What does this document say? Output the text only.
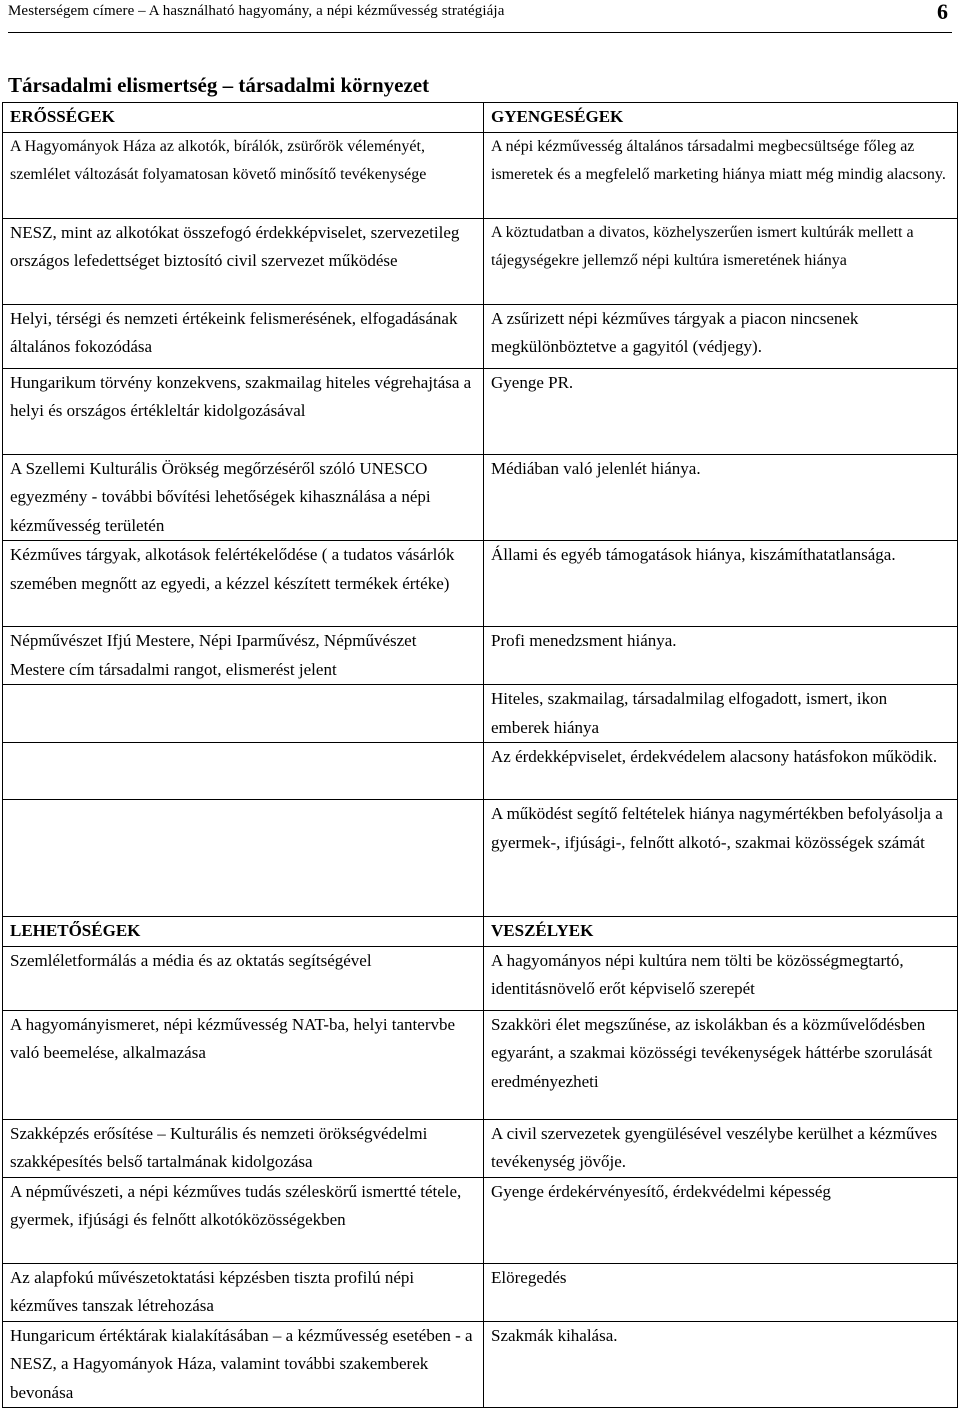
Mesterségem címere – A használható hagyomány, a népi kézművesség stratégiája	6
Társadalmi elismertség – társadalmi környezet
ERŐSSÉGEK	GYENGESÉGEK
A Hagyományok Háza az alkotók, bírálók, zsürőrök véleményét, szemlélet változását folyamatosan követő minősítő tevékenysége	A népi kézművesség általános társadalmi megbecsültsége főleg az ismeretek és a megfelelő marketing hiánya miatt még mindig alacsony.
NESZ, mint az alkotókat összefogó érdekképviselet, szervezetileg országos lefedettséget biztosító civil szervezet működése	A köztudatban a divatos, közhelyszerűen ismert kultúrák mellett a tájegységekre jellemző népi kultúra ismeretének hiánya
Helyi, térségi és nemzeti értékeink felismerésének, elfogadásának általános fokozódása	A zsűrizett népi kézműves tárgyak a piacon nincsenek megkülönböztetve a gagyitól (védjegy).
Hungarikum törvény konzekvens, szakmailag hiteles végrehajtása a helyi és országos értékleltár kidolgozásával	Gyenge PR.
A Szellemi Kulturális Örökség megőrzéséről szóló UNESCO egyezmény - további bővítési lehetőségek kihasználása a népi kézművesség területén	Médiában való jelenlét hiánya.
Kézműves tárgyak, alkotások felértékelődése ( a tudatos vásárlók szemében megnőtt az egyedi, a kézzel készített termékek értéke)	Állami és egyéb támogatások hiánya, kiszámíthatatlansága.
Népművészet Ifjú Mestere, Népi Iparművész, Népművészet Mestere cím társadalmi rangot, elismerést jelent	Profi menedzsment hiánya.
	Hiteles, szakmailag, társadalmilag elfogadott, ismert, ikon emberek hiánya
	Az érdekképviselet, érdekvédelem alacsony hatásfokon működik.
	A működést segítő feltételek hiánya nagymértékben befolyásolja a gyermek-, ifjúsági-, felnőtt alkotó-, szakmai közösségek számát
LEHETŐSÉGEK	VESZÉLYEK
Szemléletformálás a média és az oktatás segítségével	A hagyományos népi kultúra nem tölti be közösségmegtartó, identitásnövelő erőt képviselő szerepét
A hagyományismeret, népi kézművesség NAT-ba, helyi tantervbe való beemelése, alkalmazása	Szakköri élet megszűnése, az iskolákban és a közművelődésben egyaránt, a szakmai közösségi tevékenységek háttérbe szorulását eredményezheti
Szakképzés erősítése – Kulturális és nemzeti örökségvédelmi szakképesítés belső tartalmának kidolgozása	A civil szervezetek gyengülésével veszélybe kerülhet a kézműves tevékenység jövője.
A népművészeti, a népi kézműves tudás széleskörű ismertté tétele, gyermek, ifjúsági és felnőtt alkotóközösségekben	Gyenge érdekérvényesítő, érdekvédelmi képesség
Az alapfokú művészetoktatási képzésben tiszta profilú népi kézműves tanszak létrehozása	Elöregedés
Hungaricum értéktárak kialakításában – a kézművesség esetében - a NESZ, a Hagyományok Háza, valamint további szakemberek bevonása	Szakmák kihalása.
